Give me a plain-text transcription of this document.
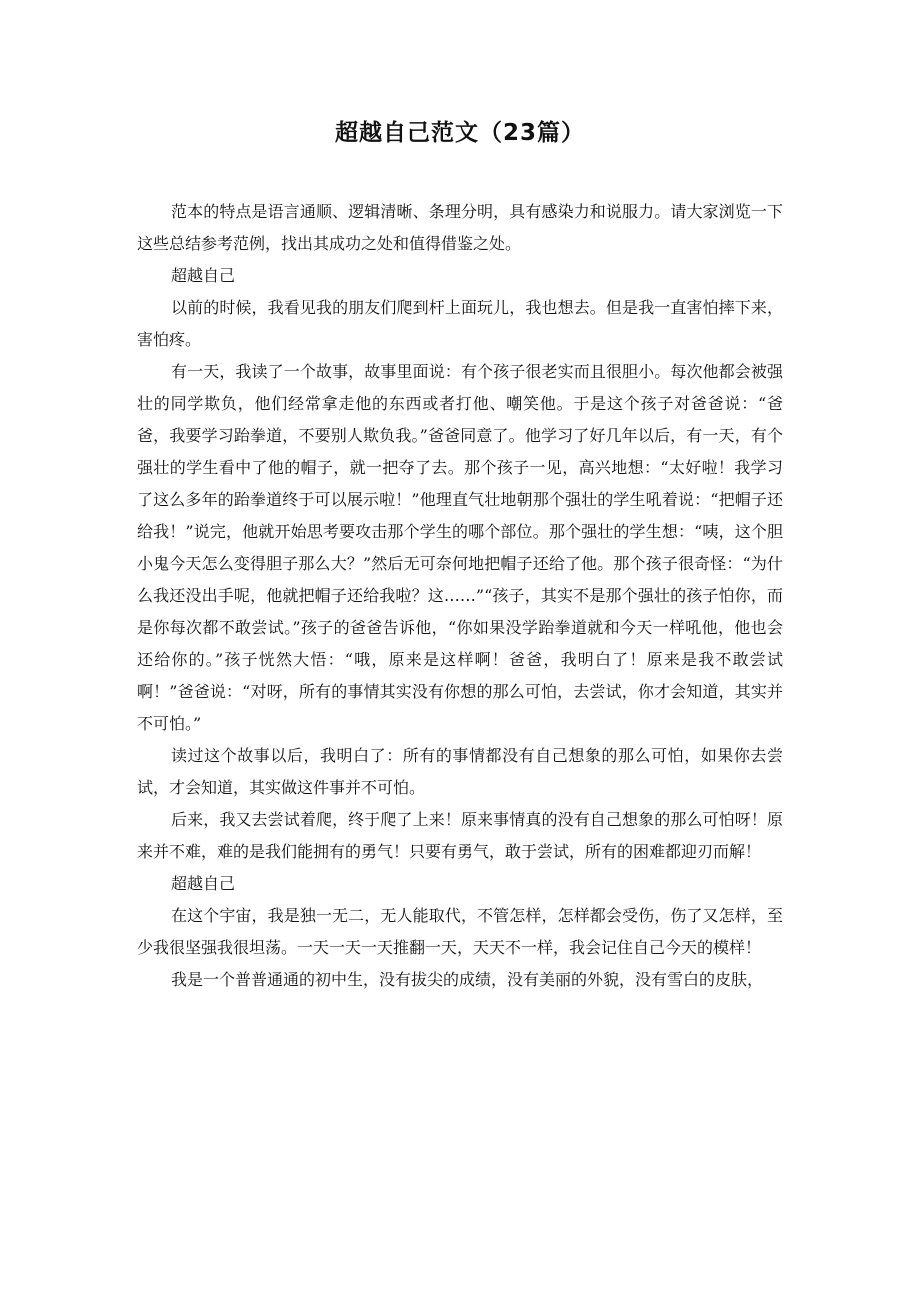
超越自己范文（23篇）

范本的特点是语言通顺、逻辑清晰、条理分明，具有感染力和说服力。请大家浏览一下这些总结参考范例，找出其成功之处和值得借鉴之处。

超越自己

以前的时候，我看见我的朋友们爬到杆上面玩儿，我也想去。但是我一直害怕摔下来，害怕疼。

有一天，我读了一个故事，故事里面说：有个孩子很老实而且很胆小。每次他都会被强壮的同学欺负，他们经常拿走他的东西或者打他、嘲笑他。于是这个孩子对爸爸说：“爸爸，我要学习跆拳道，不要别人欺负我。”爸爸同意了。他学习了好几年以后，有一天，有个强壮的学生看中了他的帽子，就一把夺了去。那个孩子一见，高兴地想：“太好啦！我学习了这么多年的跆拳道终于可以展示啦！”他理直气壮地朝那个强壮的学生吼着说：“把帽子还给我！”说完，他就开始思考要攻击那个学生的哪个部位。那个强壮的学生想：“咦，这个胆小鬼今天怎么变得胆子那么大？”然后无可奈何地把帽子还给了他。那个孩子很奇怪：“为什么我还没出手呢，他就把帽子还给我啦？这……”“孩子，其实不是那个强壮的孩子怕你，而是你每次都不敢尝试。”孩子的爸爸告诉他，“你如果没学跆拳道就和今天一样吼他，他也会还给你的。”孩子恍然大悟：“哦，原来是这样啊！爸爸，我明白了！原来是我不敢尝试啊！”爸爸说：“对呀，所有的事情其实没有你想的那么可怕，去尝试，你才会知道，其实并不可怕。”

读过这个故事以后，我明白了：所有的事情都没有自己想象的那么可怕，如果你去尝试，才会知道，其实做这件事并不可怕。

后来，我又去尝试着爬，终于爬了上来！原来事情真的没有自己想象的那么可怕呀！原来并不难，难的是我们能拥有的勇气！只要有勇气，敢于尝试，所有的困难都迎刃而解！

超越自己

在这个宇宙，我是独一无二，无人能取代，不管怎样，怎样都会受伤，伤了又怎样，至少我很坚强我很坦荡。一天一天一天推翻一天，天天不一样，我会记住自己今天的模样！

我是一个普普通通的初中生，没有拔尖的成绩，没有美丽的外貌，没有雪白的皮肤，
